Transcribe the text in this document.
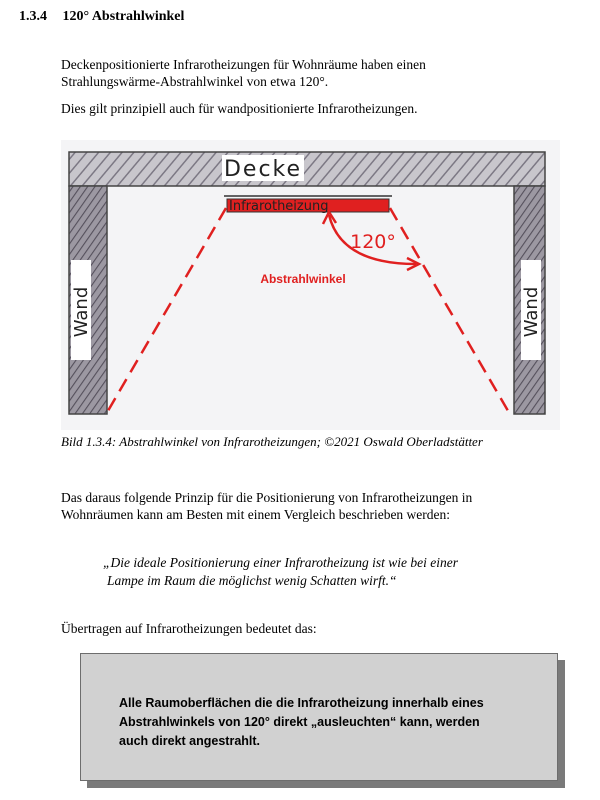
1.3.4 120° Abstrahlwinkel
Deckenpositionierte Infrarotheizungen für Wohnräume haben einen
Strahlungswärme-Abstrahlwinkel von etwa 120°.
Dies gilt prinzipiell auch für wandpositionierte Infrarotheizungen.
Decke
Wand	Wand
Infrarotheizung
120°
Abstrahlwinkel
Bild 1.3.4: Abstrahlwinkel von Infrarotheizungen; ©2021 Oswald Oberladstätter
Das daraus folgende Prinzip für die Positionierung von Infrarotheizungen in
Wohnräumen kann am Besten mit einem Vergleich beschrieben werden:
„Die ideale Positionierung einer Infrarotheizung ist wie bei einer
Lampe im Raum die möglichst wenig Schatten wirft.“
Übertragen auf Infrarotheizungen bedeutet das:
Alle Raumoberflächen die die Infrarotheizung innerhalb eines
Abstrahlwinkels von 120° direkt „ausleuchten“ kann, werden
auch direkt angestrahlt.
